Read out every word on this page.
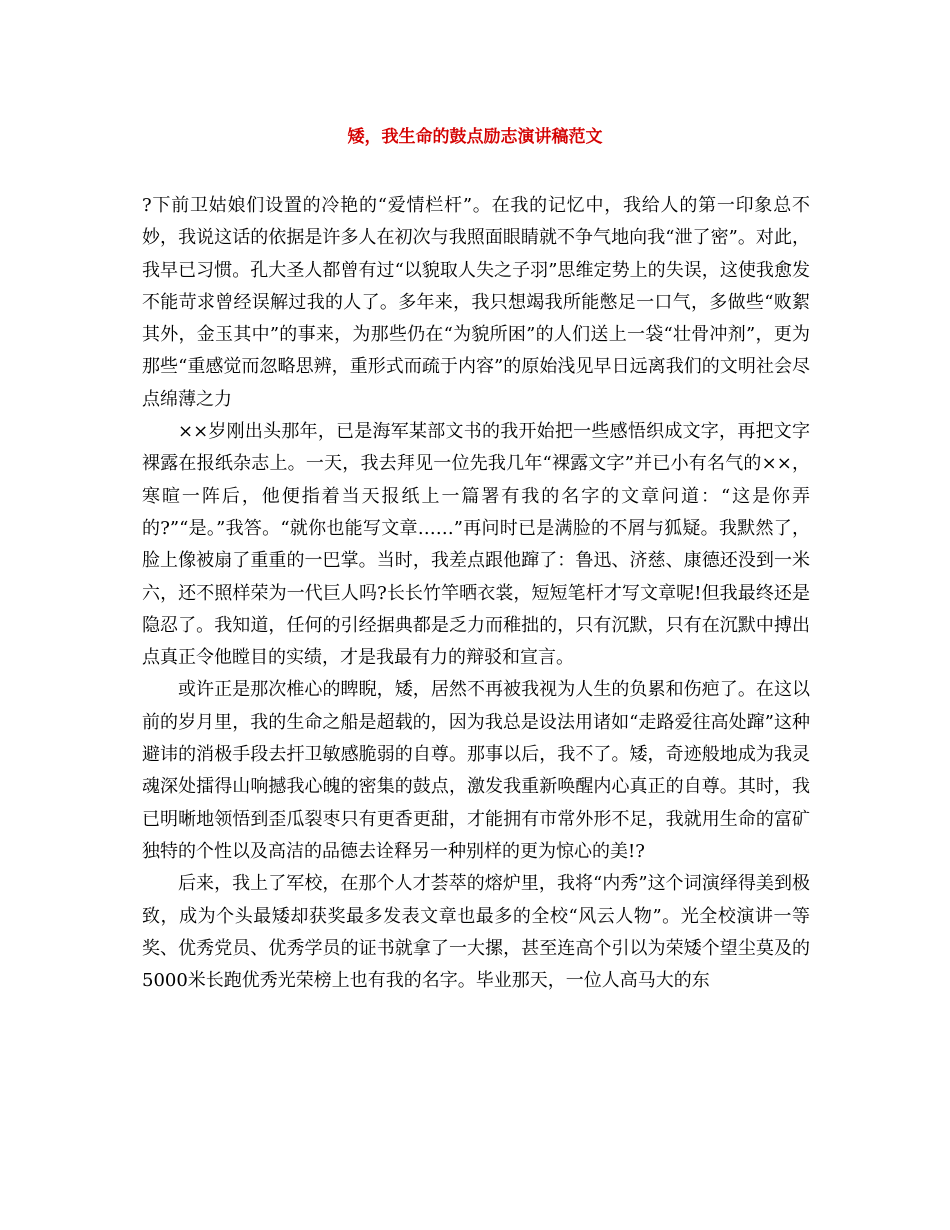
矮，我生命的鼓点励志演讲稿范文

?下前卫姑娘们设置的冷艳的“爱情栏杆”。在我的记忆中，我给人的第一印象总不妙，我说这话的依据是许多人在初次与我照面眼睛就不争气地向我“泄了密”。对此，我早已习惯。孔大圣人都曾有过“以貌取人失之子羽”思维定势上的失误，这使我愈发不能苛求曾经误解过我的人了。多年来，我只想竭我所能憋足一口气，多做些“败絮其外，金玉其中”的事来，为那些仍在“为貌所困”的人们送上一袋“壮骨冲剂”，更为那些“重感觉而忽略思辨，重形式而疏于内容”的原始浅见早日远离我们的文明社会尽点绵薄之力

××岁刚出头那年，已是海军某部文书的我开始把一些感悟织成文字，再把文字裸露在报纸杂志上。一天，我去拜见一位先我几年“裸露文字”并已小有名气的××，寒暄一阵后，他便指着当天报纸上一篇署有我的名字的文章问道：“这是你弄的?”“是。”我答。“就你也能写文章……”再问时已是满脸的不屑与狐疑。我默然了，脸上像被扇了重重的一巴掌。当时，我差点跟他蹿了：鲁迅、济慈、康德还没到一米六，还不照样荣为一代巨人吗?长长竹竿晒衣裳，短短笔杆才写文章呢!但我最终还是隐忍了。我知道，任何的引经据典都是乏力而稚拙的，只有沉默，只有在沉默中搏出点真正令他瞠目的实绩，才是我最有力的辩驳和宣言。

或许正是那次椎心的睥睨，矮，居然不再被我视为人生的负累和伤疤了。在这以前的岁月里，我的生命之船是超载的，因为我总是设法用诸如“走路爱往高处蹿”这种避讳的消极手段去扞卫敏感脆弱的自尊。那事以后，我不了。矮，奇迹般地成为我灵魂深处擂得山响撼我心魄的密集的鼓点，激发我重新唤醒内心真正的自尊。其时，我已明晰地领悟到歪瓜裂枣只有更香更甜，才能拥有市常外形不足，我就用生命的富矿独特的个性以及高洁的品德去诠释另一种别样的更为惊心的美!?

后来，我上了军校，在那个人才荟萃的熔炉里，我将“内秀”这个词演绎得美到极致，成为个头最矮却获奖最多发表文章也最多的全校“风云人物”。光全校演讲一等奖、优秀党员、优秀学员的证书就拿了一大摞，甚至连高个引以为荣矮个望尘莫及的5000米长跑优秀光荣榜上也有我的名字。毕业那天，一位人高马大的东
